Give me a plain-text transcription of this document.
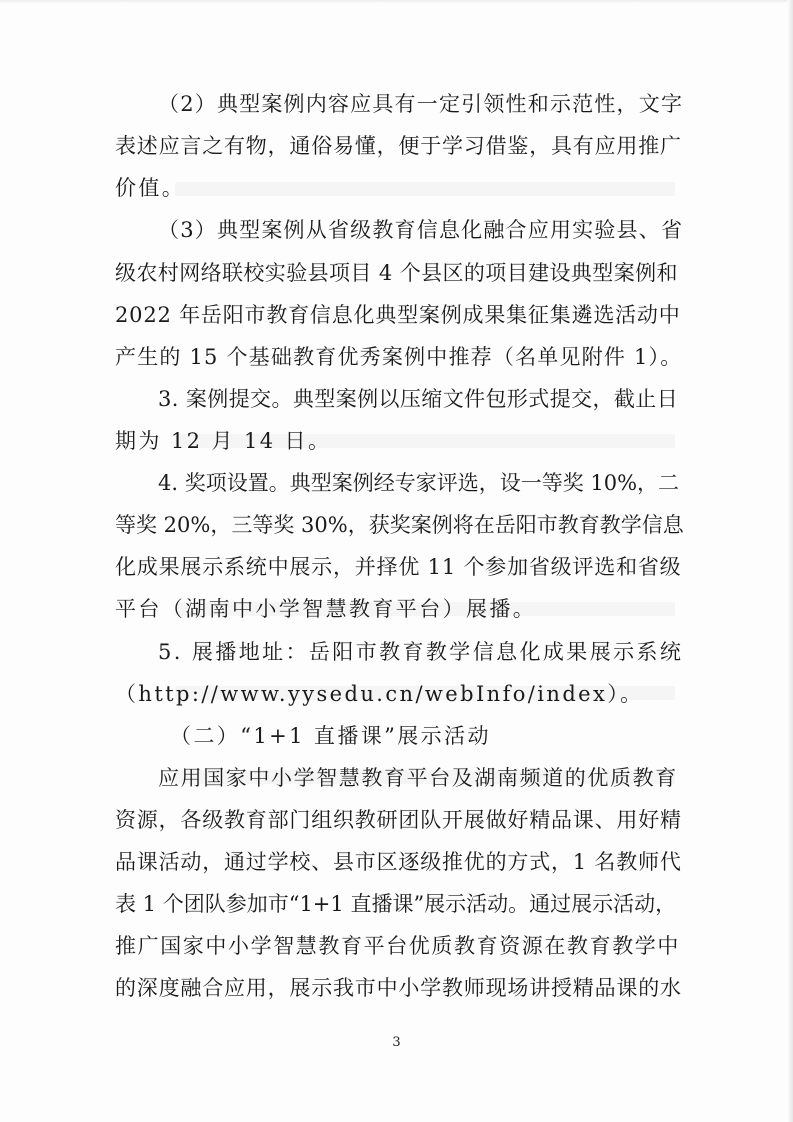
（2）典型案例内容应具有一定引领性和示范性，文字
表述应言之有物，通俗易懂，便于学习借鉴，具有应用推广
价值。
（3）典型案例从省级教育信息化融合应用实验县、省
级农村网络联校实验县项目 4 个县区的项目建设典型案例和
2022 年岳阳市教育信息化典型案例成果集征集遴选活动中
产生的 15 个基础教育优秀案例中推荐（名单见附件 1）。
3. 案例提交。典型案例以压缩文件包形式提交，截止日
期为 12 月 14 日。
4. 奖项设置。典型案例经专家评选，设一等奖 10%，二
等奖 20%，三等奖 30%，获奖案例将在岳阳市教育教学信息
化成果展示系统中展示，并择优 11 个参加省级评选和省级
平台（湖南中小学智慧教育平台）展播。
5. 展播地址：岳阳市教育教学信息化成果展示系统
（http://www.yysedu.cn/webInfo/index）。
（二）“1+1 直播课”展示活动
应用国家中小学智慧教育平台及湖南频道的优质教育
资源，各级教育部门组织教研团队开展做好精品课、用好精
品课活动，通过学校、县市区逐级推优的方式，1 名教师代
表 1 个团队参加市“1+1 直播课”展示活动。通过展示活动，
推广国家中小学智慧教育平台优质教育资源在教育教学中
的深度融合应用，展示我市中小学教师现场讲授精品课的水
3
